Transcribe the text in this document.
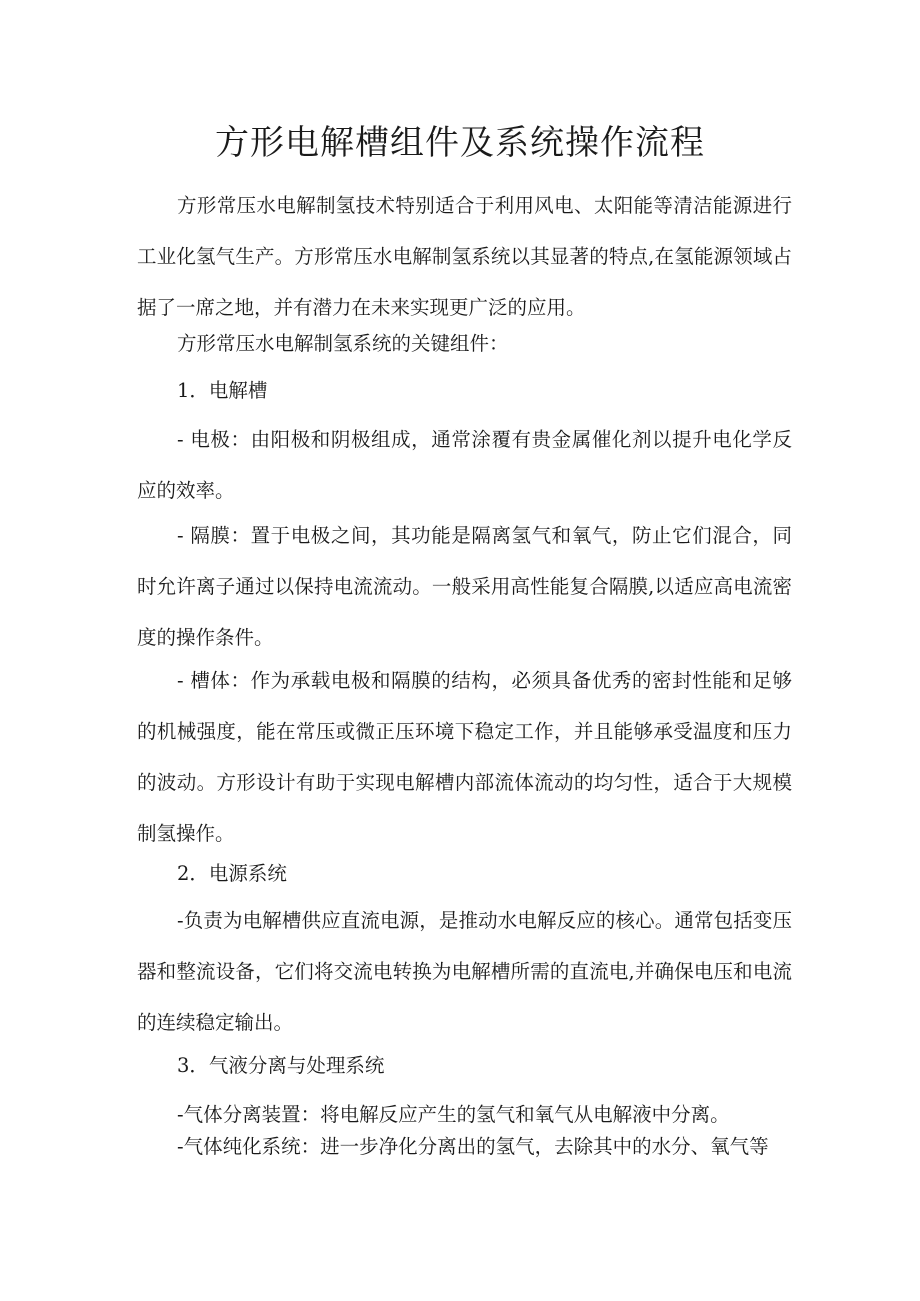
方形电解槽组件及系统操作流程

方形常压水电解制氢技术特别适合于利用风电、太阳能等清洁能源进行工业化氢气生产。方形常压水电解制氢系统以其显著的特点,在氢能源领域占据了一席之地，并有潜力在未来实现更广泛的应用。

方形常压水电解制氢系统的关键组件：

1．电解槽

- 电极：由阳极和阴极组成，通常涂覆有贵金属催化剂以提升电化学反应的效率。

- 隔膜：置于电极之间，其功能是隔离氢气和氧气，防止它们混合，同时允许离子通过以保持电流流动。一般采用高性能复合隔膜,以适应高电流密度的操作条件。

- 槽体：作为承载电极和隔膜的结构，必须具备优秀的密封性能和足够的机械强度，能在常压或微正压环境下稳定工作，并且能够承受温度和压力的波动。方形设计有助于实现电解槽内部流体流动的均匀性，适合于大规模制氢操作。

2．电源系统

-负责为电解槽供应直流电源，是推动水电解反应的核心。通常包括变压器和整流设备，它们将交流电转换为电解槽所需的直流电,并确保电压和电流的连续稳定输出。

3．气液分离与处理系统

-气体分离装置：将电解反应产生的氢气和氧气从电解液中分离。

-气体纯化系统：进一步净化分离出的氢气，去除其中的水分、氧气等
